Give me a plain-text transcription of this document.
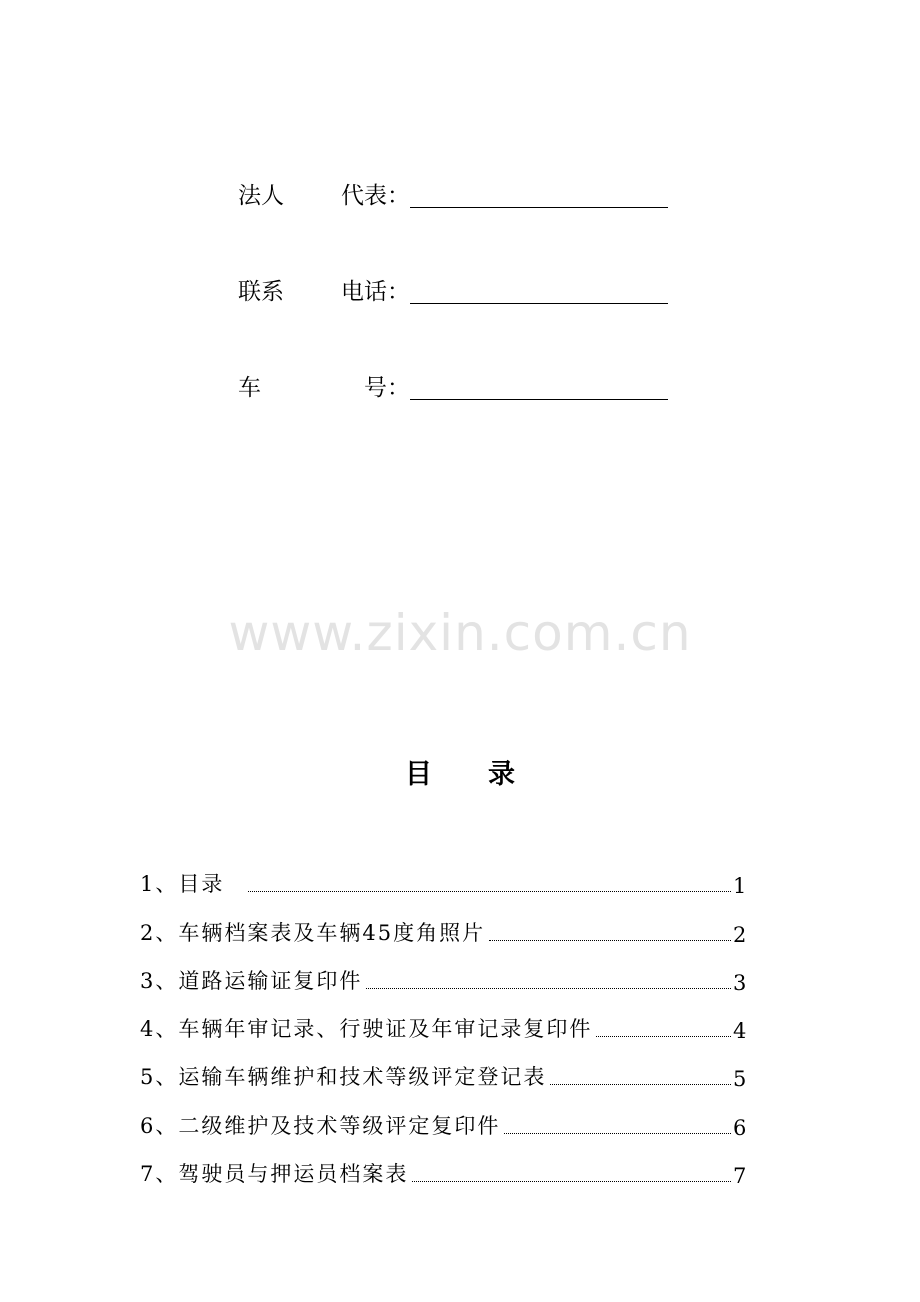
法 人 代 表：
联 系 电 话：
车	号：
www.zixin.com.cn
目 录
1、 目录	1
2、 车辆档案表及车辆45度角照片	2
3、 道路运输证复印件	3
4、 车辆年审记录、行驶证及年审记录复印件	4
5、 运输车辆维护和技术等级评定登记表	5
6、 二级维护及技术等级评定复印件	6
7、 驾驶员与押运员档案表	7
